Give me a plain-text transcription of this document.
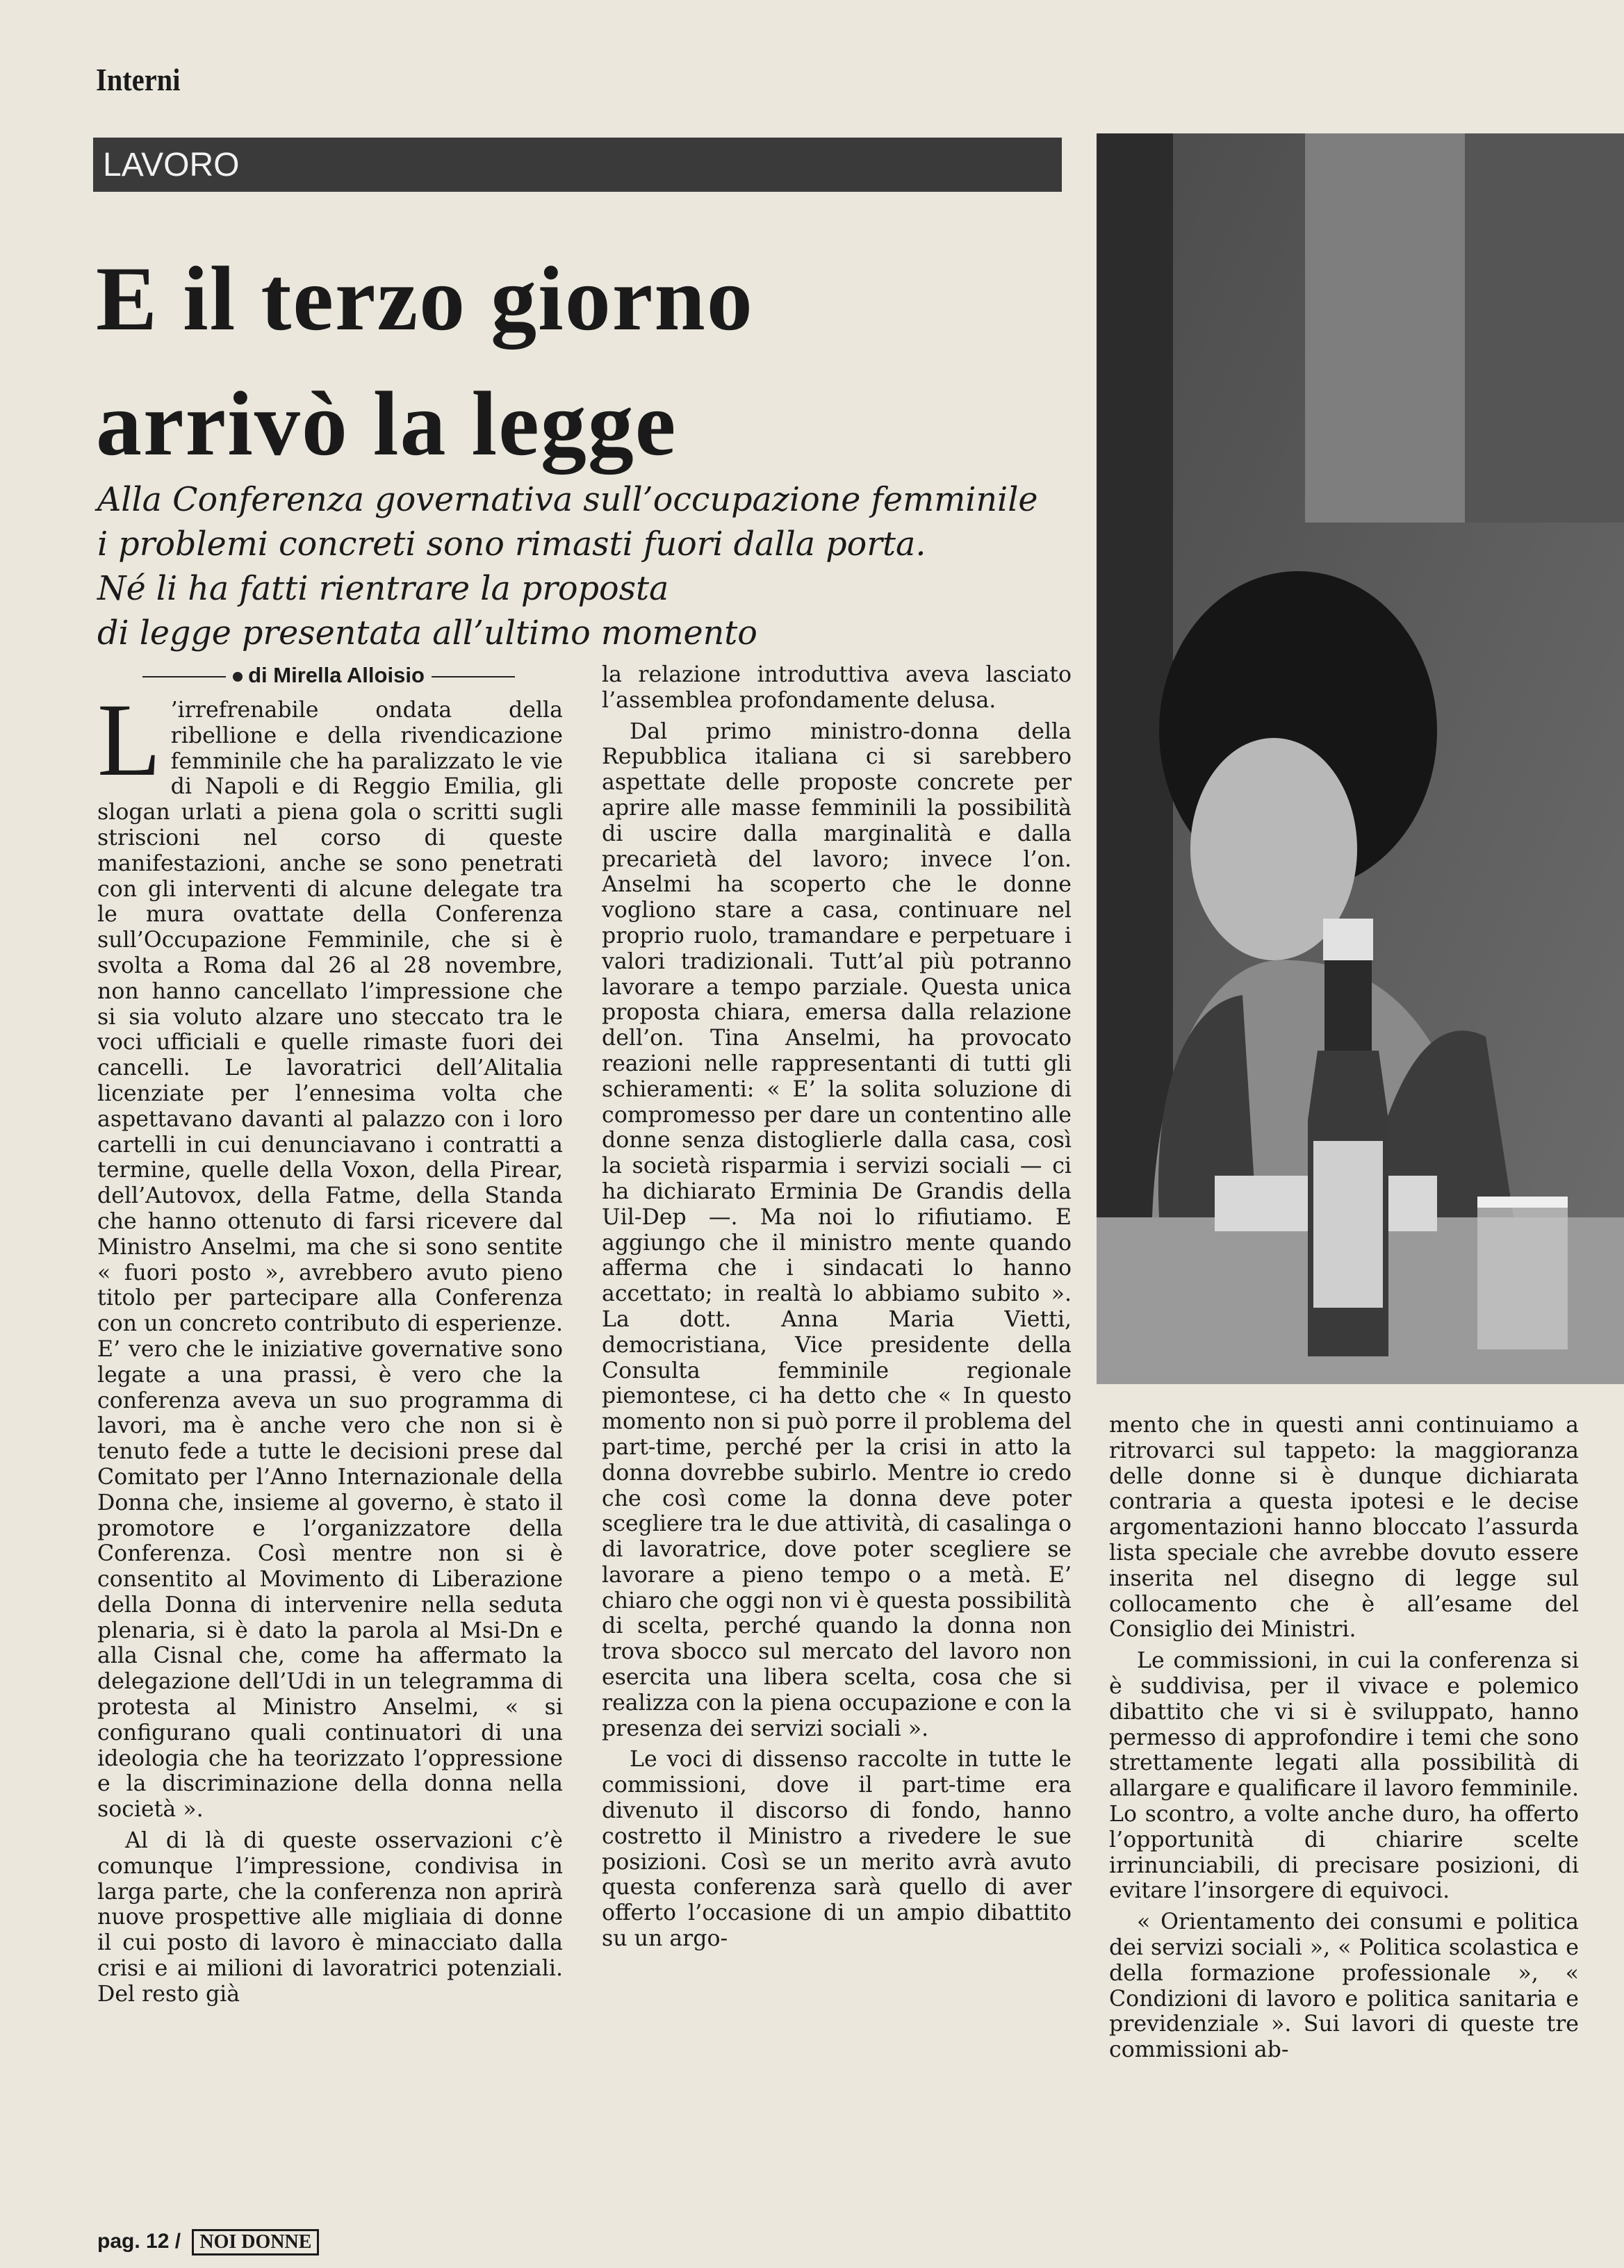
Interni
LAVORO
E il terzo giorno
arrivò la legge

Alla Conferenza governativa sull’occupazione femminile
i problemi concreti sono rimasti fuori dalla porta.
Né li ha fatti rientrare la proposta
di legge presentata all’ultimo momento

di Mirella Alloisio

L ’irrefrenabile ondata della ribellione e della rivendicazione femminile che ha paralizzato le vie di Napoli e di Reggio Emilia, gli slogan urlati a piena gola o scritti sugli striscioni nel corso di queste manifestazioni, anche se sono penetrati con gli interventi di alcune delegate tra le mura ovattate della Conferenza sull’Occupazione Femminile, che si è svolta a Roma dal 26 al 28 novembre, non hanno cancellato l’impressione che si sia voluto alzare uno steccato tra le voci ufficiali e quelle rimaste fuori dei cancelli. Le lavoratrici dell’Alitalia licenziate per l’ennesima volta che aspettavano davanti al palazzo con i loro cartelli in cui denunciavano i contratti a termine, quelle della Voxon, della Pirear, dell’Autovox, della Fatme, della Standa che hanno ottenuto di farsi ricevere dal Ministro Anselmi, ma che si sono sentite « fuori posto », avrebbero avuto pieno titolo per partecipare alla Conferenza con un concreto contributo di esperienze. E’ vero che le iniziative governative sono legate a una prassi, è vero che la conferenza aveva un suo programma di lavori, ma è anche vero che non si è tenuto fede a tutte le decisioni prese dal Comitato per l’Anno Internazionale della Donna che, insieme al governo, è stato il promotore e l’organizzatore della Conferenza. Così mentre non si è consentito al Movimento di Liberazione della Donna di intervenire nella seduta plenaria, si è dato la parola al Msi-Dn e alla Cisnal che, come ha affermato la delegazione dell’Udi in un telegramma di protesta al Ministro Anselmi, « si configurano quali continuatori di una ideologia che ha teorizzato l’oppressione e la discriminazione della donna nella società ».

Al di là di queste osservazioni c’è comunque l’impressione, condivisa in larga parte, che la conferenza non aprirà nuove prospettive alle migliaia di donne il cui posto di lavoro è minacciato dalla crisi e ai milioni di lavoratrici potenziali. Del resto già

la relazione introduttiva aveva lasciato l’assemblea profondamente delusa.

Dal primo ministro-donna della Repubblica italiana ci si sarebbero aspettate delle proposte concrete per aprire alle masse femminili la possibilità di uscire dalla marginalità e dalla precarietà del lavoro; invece l’on. Anselmi ha scoperto che le donne vogliono stare a casa, continuare nel proprio ruolo, tramandare e perpetuare i valori tradizionali. Tutt’al più potranno lavorare a tempo parziale. Questa unica proposta chiara, emersa dalla relazione dell’on. Tina Anselmi, ha provocato reazioni nelle rappresentanti di tutti gli schieramenti: « E’ la solita soluzione di compromesso per dare un contentino alle donne senza distoglierle dalla casa, così la società risparmia i servizi sociali — ci ha dichiarato Erminia De Grandis della Uil-Dep —. Ma noi lo rifiutiamo. E aggiungo che il ministro mente quando afferma che i sindacati lo hanno accettato; in realtà lo abbiamo subito ». La dott. Anna Maria Vietti, democristiana, Vice presidente della Consulta femminile regionale piemontese, ci ha detto che « In questo momento non si può porre il problema del part-time, perché per la crisi in atto la donna dovrebbe subirlo. Mentre io credo che così come la donna deve poter scegliere tra le due attività, di casalinga o di lavoratrice, dove poter scegliere se lavorare a pieno tempo o a metà. E’ chiaro che oggi non vi è questa possibilità di scelta, perché quando la donna non trova sbocco sul mercato del lavoro non esercita una libera scelta, cosa che si realizza con la piena occupazione e con la presenza dei servizi sociali ».

Le voci di dissenso raccolte in tutte le commissioni, dove il part-time era divenuto il discorso di fondo, hanno costretto il Ministro a rivedere le sue posizioni. Così se un merito avrà avuto questa conferenza sarà quello di aver offerto l’occasione di un ampio dibattito su un argo-

mento che in questi anni continuiamo a ritrovarci sul tappeto: la maggioranza delle donne si è dunque dichiarata contraria a questa ipotesi e le decise argomentazioni hanno bloccato l’assurda lista speciale che avrebbe dovuto essere inserita nel disegno di legge sul collocamento che è all’esame del Consiglio dei Ministri.

Le commissioni, in cui la conferenza si è suddivisa, per il vivace e polemico dibattito che vi si è sviluppato, hanno permesso di approfondire i temi che sono strettamente legati alla possibilità di allargare e qualificare il lavoro femminile. Lo scontro, a volte anche duro, ha offerto l’opportunità di chiarire scelte irrinunciabili, di precisare posizioni, di evitare l’insorgere di equivoci.

« Orientamento dei consumi e politica dei servizi sociali », « Politica scolastica e della formazione professionale », « Condizioni di lavoro e politica sanitaria e previdenziale ». Sui lavori di queste tre commissioni ab-

pag. 12 / NOI DONNE
